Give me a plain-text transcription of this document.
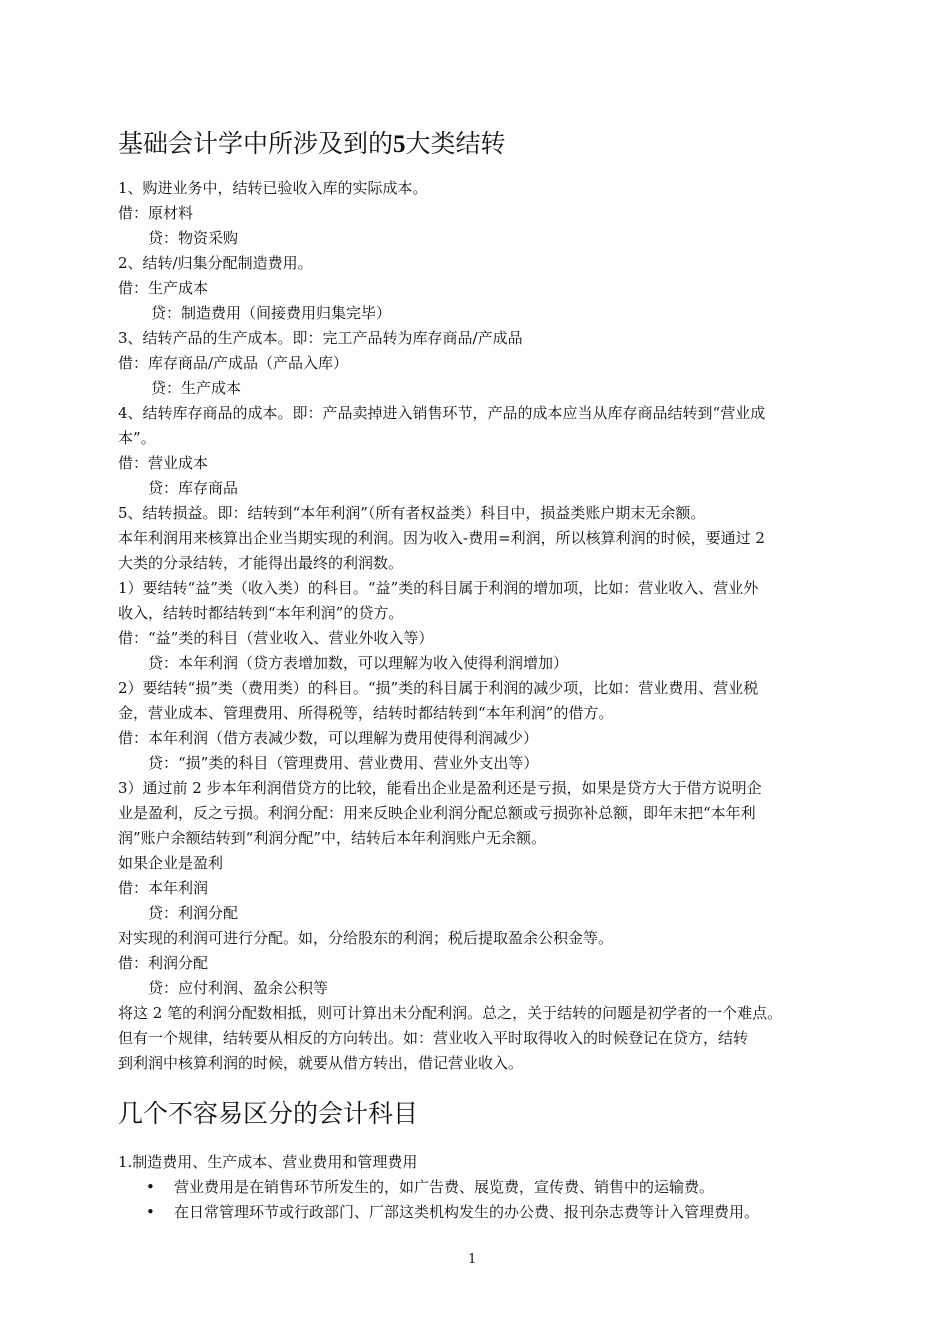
基础会计学中所涉及到的5大类结转
1、购进业务中，结转已验收入库的实际成本。
借：原材料
贷：物资采购
2、结转/归集分配制造费用。
借：生产成本
贷：制造费用（间接费用归集完毕）
3、结转产品的生产成本。即：完工产品转为库存商品/产成品
借：库存商品/产成品（产品入库）
贷：生产成本
4、结转库存商品的成本。即：产品卖掉进入销售环节，产品的成本应当从库存商品结转到“营业成
本”。
借：营业成本
贷：库存商品
5、结转损益。即：结转到“本年利润”（所有者权益类）科目中，损益类账户期末无余额。
本年利润用来核算出企业当期实现的利润。因为收入-费用=利润，所以核算利润的时候，要通过 2
大类的分录结转，才能得出最终的利润数。
1）要结转“益”类（收入类）的科目。“益”类的科目属于利润的增加项，比如：营业收入、营业外
收入，结转时都结转到“本年利润”的贷方。
借：“益”类的科目（营业收入、营业外收入等）
贷：本年利润（贷方表增加数，可以理解为收入使得利润增加）
2）要结转“损”类（费用类）的科目。“损”类的科目属于利润的减少项，比如：营业费用、营业税
金，营业成本、管理费用、所得税等，结转时都结转到“本年利润”的借方。
借：本年利润（借方表减少数，可以理解为费用使得利润减少）
贷：“损”类的科目（管理费用、营业费用、营业外支出等）
3）通过前 2 步本年利润借贷方的比较，能看出企业是盈利还是亏损，如果是贷方大于借方说明企
业是盈利，反之亏损。利润分配：用来反映企业利润分配总额或亏损弥补总额，即年末把“本年利
润”账户余额结转到“利润分配”中，结转后本年利润账户无余额。
如果企业是盈利
借：本年利润
贷：利润分配
对实现的利润可进行分配。如，分给股东的利润；税后提取盈余公积金等。
借：利润分配
贷：应付利润、盈余公积等
将这 2 笔的利润分配数相抵，则可计算出未分配利润。总之，关于结转的问题是初学者的一个难点。
但有一个规律，结转要从相反的方向转出。如：营业收入平时取得收入的时候登记在贷方，结转
到利润中核算利润的时候，就要从借方转出，借记营业收入。
几个不容易区分的会计科目
1.制造费用、生产成本、营业费用和管理费用
• 营业费用是在销售环节所发生的，如广告费、展览费，宣传费、销售中的运输费。
• 在日常管理环节或行政部门、厂部这类机构发生的办公费、报刊杂志费等计入管理费用。
1
